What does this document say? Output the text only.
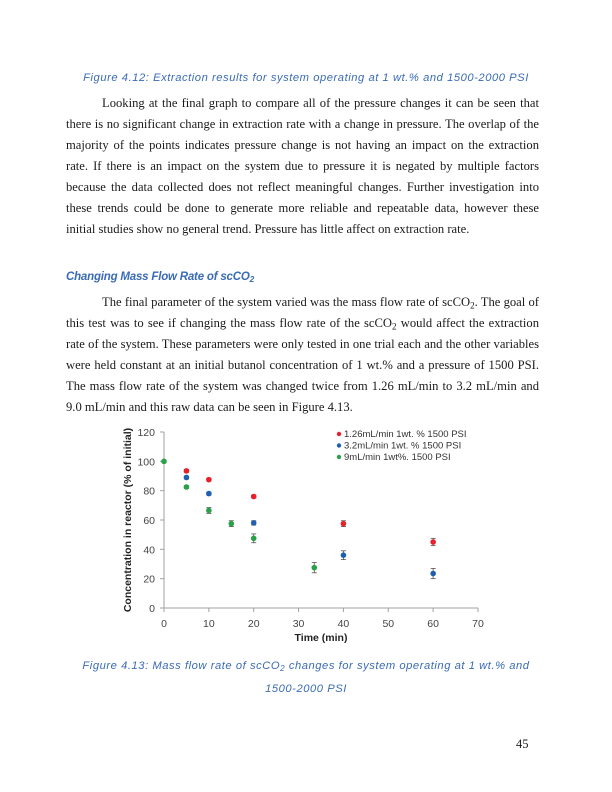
Figure 4.12: Extraction results for system operating at 1 wt.% and 1500-2000 PSI
Looking at the final graph to compare all of the pressure changes it can be seen that there is no significant change in extraction rate with a change in pressure. The overlap of the majority of the points indicates pressure change is not having an impact on the extraction rate. If there is an impact on the system due to pressure it is negated by multiple factors because the data collected does not reflect meaningful changes. Further investigation into these trends could be done to generate more reliable and repeatable data, however these initial studies show no general trend. Pressure has little affect on extraction rate.
Changing Mass Flow Rate of scCO$_2$
The final parameter of the system varied was the mass flow rate of scCO$_2$. The goal of this test was to see if changing the mass flow rate of the scCO$_2$ would affect the extraction rate of the system. These parameters were only tested in one trial each and the other variables were held constant at an initial butanol concentration of 1 wt.% and a pressure of 1500 PSI. The mass flow rate of the system was changed twice from 1.26 mL/min to 3.2 mL/min and 9.0 mL/min and this raw data can be seen in Figure 4.13.
0
20
40
60
80
100
120
0	10	20	30	40	50	60	70
1.26mL/min 1wt. % 1500 PSI
3.2mL/min 1wt. % 1500 PSI
9mL/min 1wt%. 1500 PSI
Time (min)
Concentration in reactor (% of initial)
Figure 4.13: Mass flow rate of scCO$_2$ changes for system operating at 1 wt.% and
1500-2000 PSI
45
